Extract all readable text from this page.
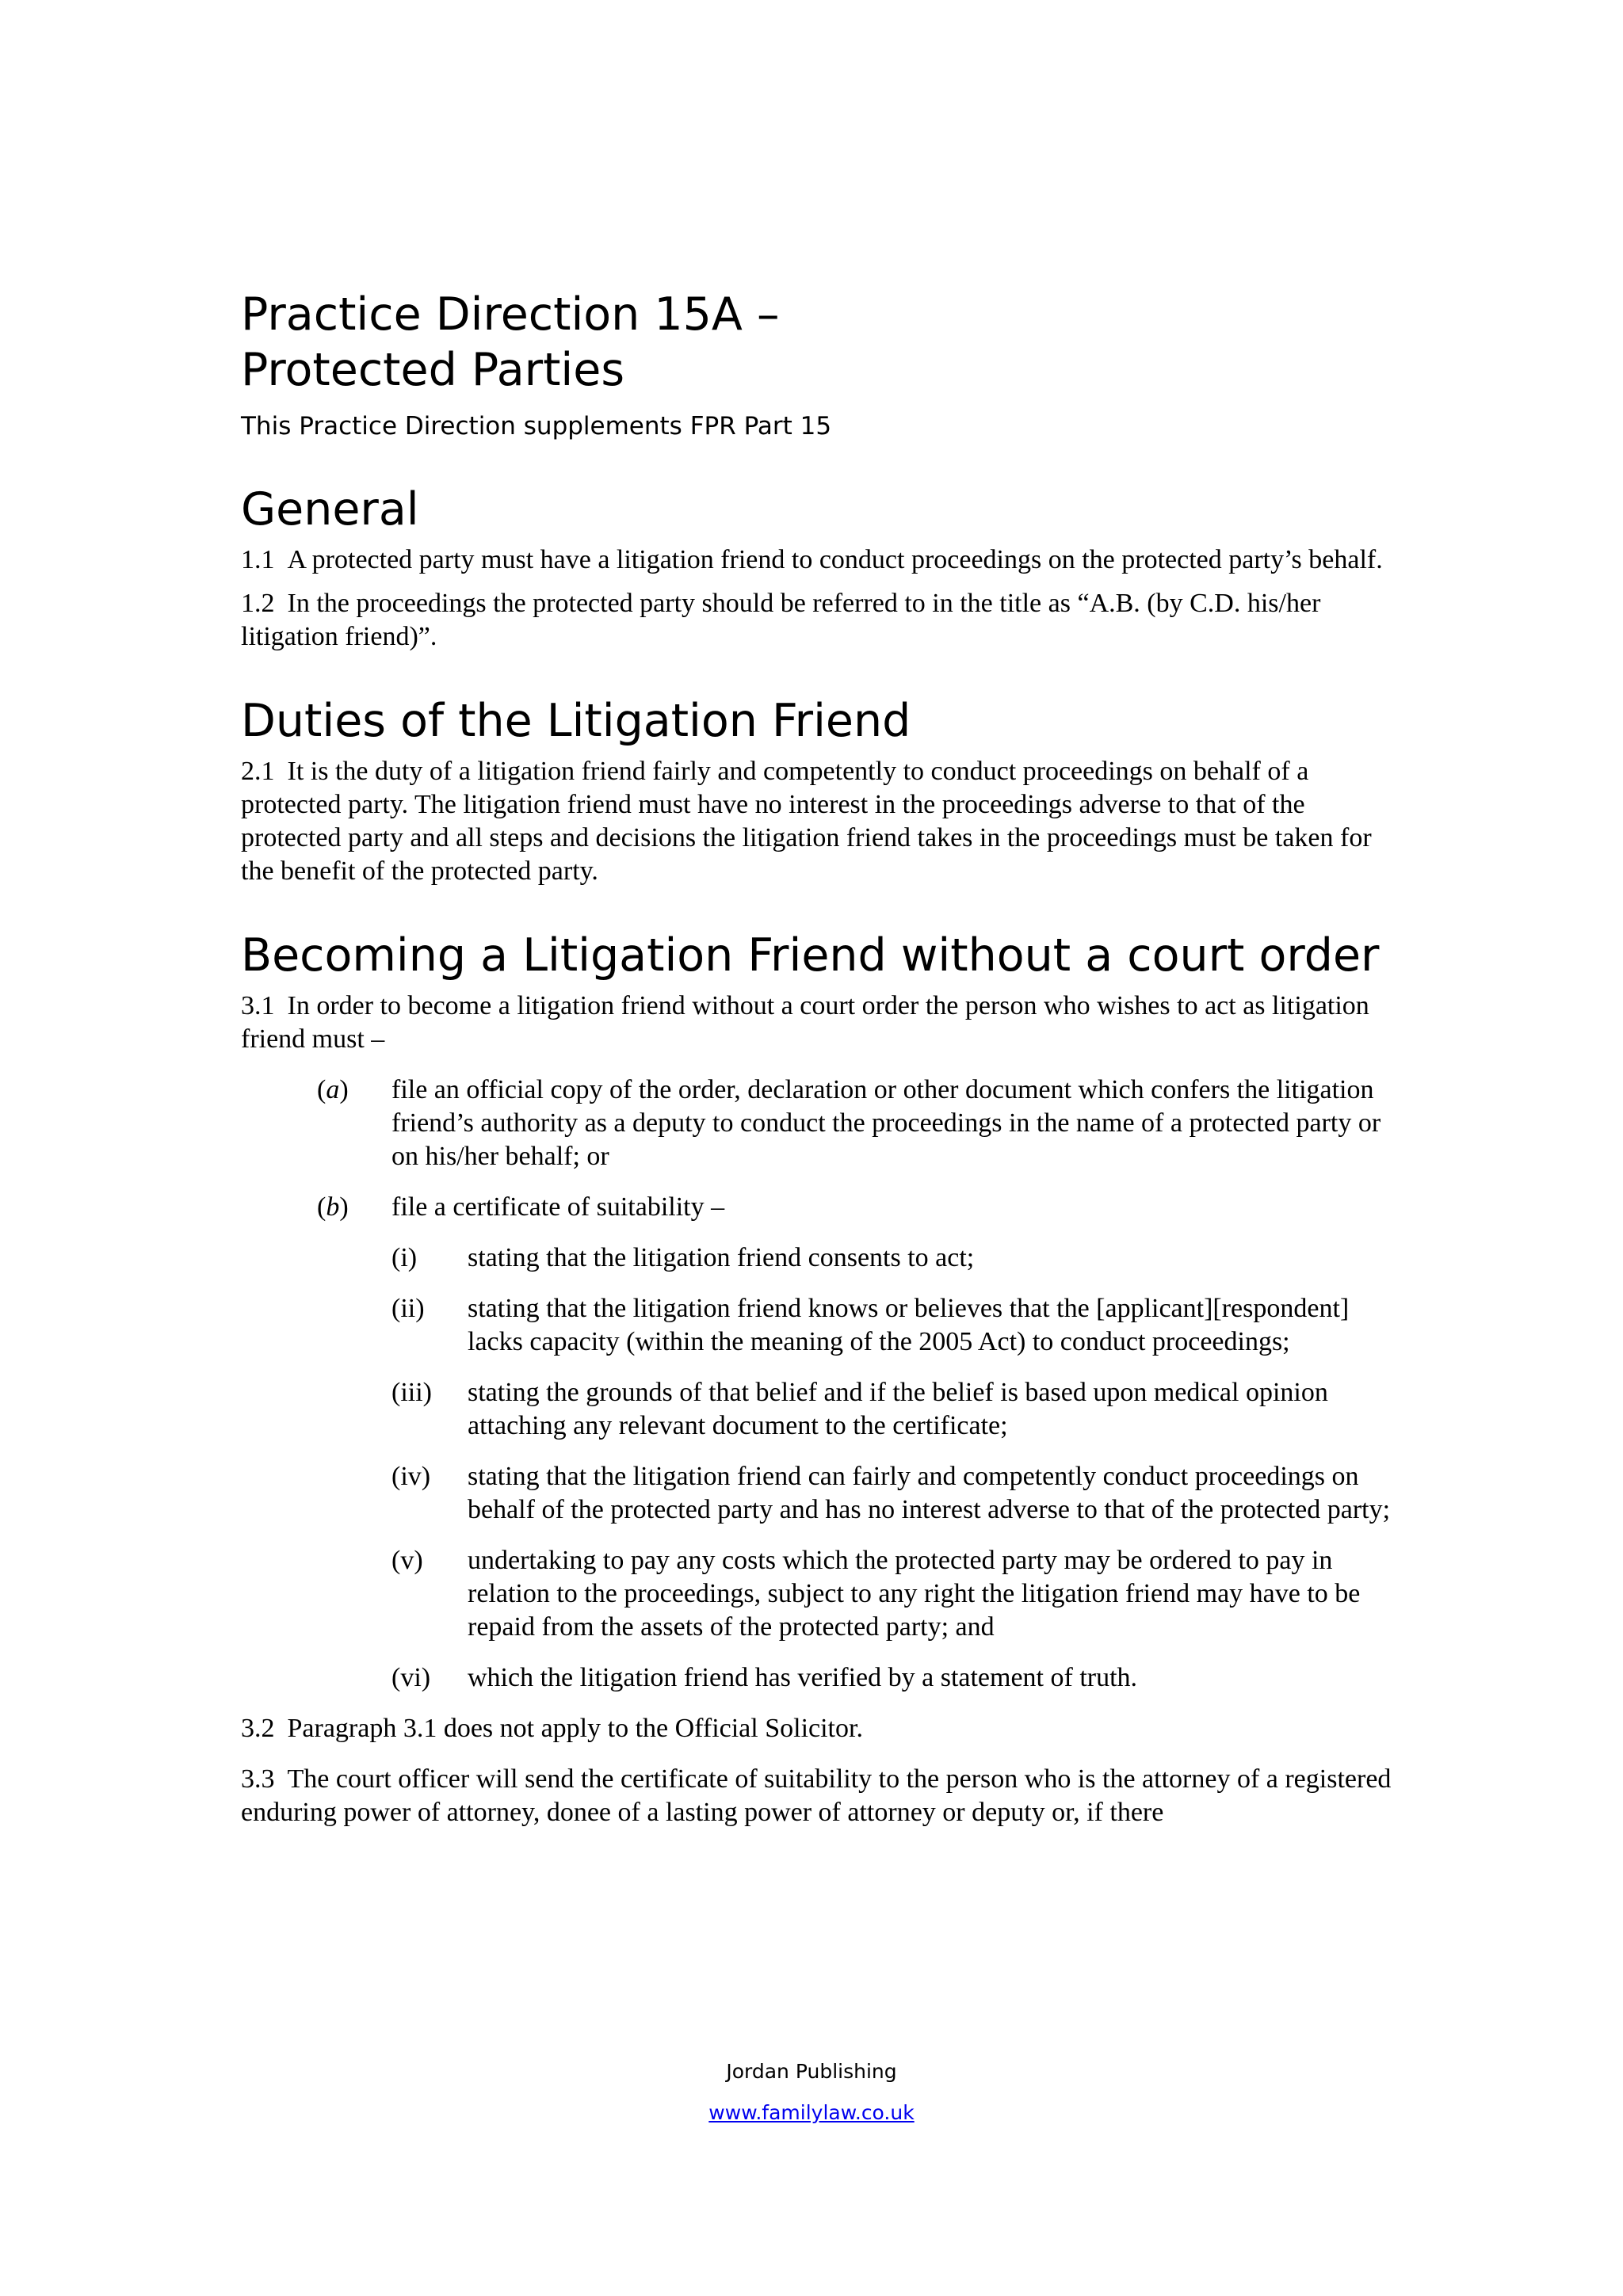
Practice Direction 15A –
Protected Parties

This Practice Direction supplements FPR Part 15

General

1.1 A protected party must have a litigation friend to conduct proceedings on the protected party’s behalf.

1.2 In the proceedings the protected party should be referred to in the title as “A.B. (by C.D. his/her litigation friend)”.

Duties of the Litigation Friend

2.1 It is the duty of a litigation friend fairly and competently to conduct proceedings on behalf of a protected party. The litigation friend must have no interest in the proceedings adverse to that of the protected party and all steps and decisions the litigation friend takes in the proceedings must be taken for the benefit of the protected party.

Becoming a Litigation Friend without a court order

3.1 In order to become a litigation friend without a court order the person who wishes to act as litigation friend must –

(a) file an official copy of the order, declaration or other document which confers the litigation friend’s authority as a deputy to conduct the proceedings in the name of a protected party or on his/her behalf; or
(b) file a certificate of suitability –
(i) stating that the litigation friend consents to act;
(ii) stating that the litigation friend knows or believes that the [applicant][respondent] lacks capacity (within the meaning of the 2005 Act) to conduct proceedings;
(iii) stating the grounds of that belief and if the belief is based upon medical opinion attaching any relevant document to the certificate;
(iv) stating that the litigation friend can fairly and competently conduct proceedings on behalf of the protected party and has no interest adverse to that of the protected party;
(v) undertaking to pay any costs which the protected party may be ordered to pay in relation to the proceedings, subject to any right the litigation friend may have to be repaid from the assets of the protected party; and
(vi) which the litigation friend has verified by a statement of truth.

3.2 Paragraph 3.1 does not apply to the Official Solicitor.

3.3 The court officer will send the certificate of suitability to the person who is the attorney of a registered enduring power of attorney, donee of a lasting power of attorney or deputy or, if there

Jordan Publishing
www.familylaw.co.uk
